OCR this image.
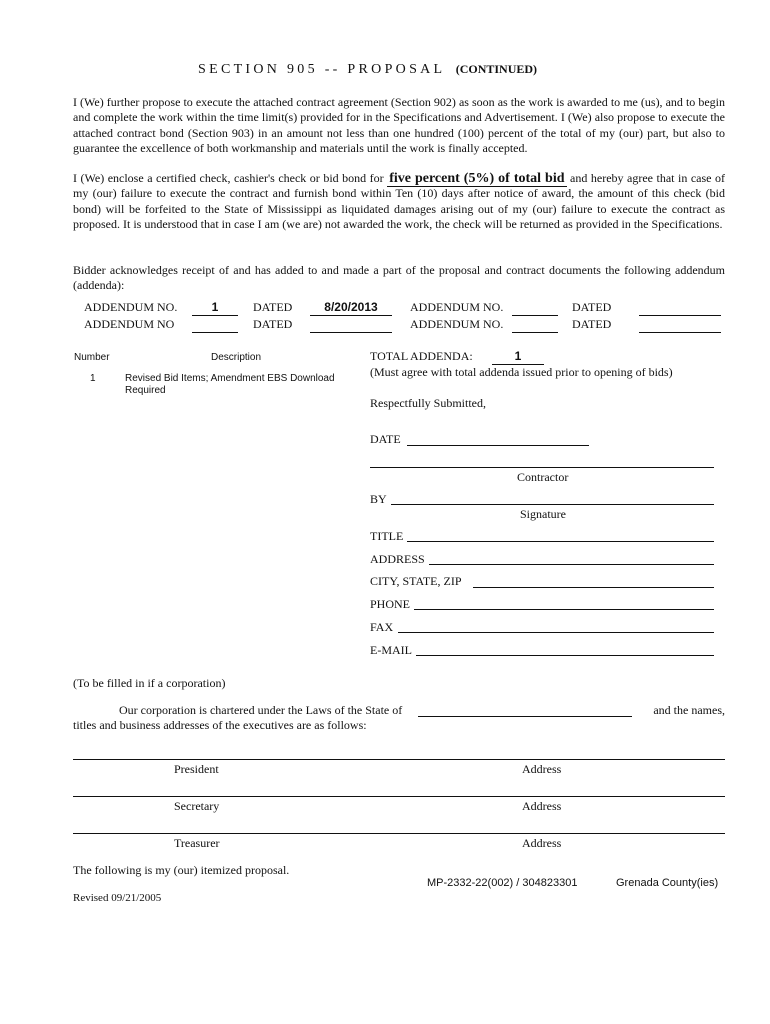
SECTION 905 -- PROPOSAL (CONTINUED)
I (We) further propose to execute the attached contract agreement (Section 902) as soon as the work is awarded to me (us), and to begin and complete the work within the time limit(s) provided for in the Specifications and Advertisement. I (We) also propose to execute the attached contract bond (Section 903) in an amount not less than one hundred (100) percent of the total of my (our) part, but also to guarantee the excellence of both workmanship and materials until the work is finally accepted.
I (We) enclose a certified check, cashier's check or bid bond for five percent (5%) of total bid and hereby agree that in case of my (our) failure to execute the contract and furnish bond within Ten (10) days after notice of award, the amount of this check (bid bond) will be forfeited to the State of Mississippi as liquidated damages arising out of my (our) failure to execute the contract as proposed. It is understood that in case I am (we are) not awarded the work, the check will be returned as provided in the Specifications.
Bidder acknowledges receipt of and has added to and made a part of the proposal and contract documents the following addendum (addenda):
ADDENDUM NO.	1	DATED	8/20/2013	ADDENDUM NO.	DATED
ADDENDUM NO	DATED	ADDENDUM NO.	DATED
Number	Description
1	Revised Bid Items; Amendment EBS Download
Required
TOTAL ADDENDA:	1
(Must agree with total addenda issued prior to opening of bids)
Respectfully Submitted,
DATE
Contractor
BY
Signature
TITLE
ADDRESS
CITY, STATE, ZIP
PHONE
FAX
E-MAIL
(To be filled in if a corporation)
Our corporation is chartered under the Laws of the State of	and the names,
titles and business addresses of the executives are as follows:
President	Address
Secretary	Address
Treasurer	Address
The following is my (our) itemized proposal.
MP-2332-22(002) / 304823301	Grenada County(ies)
Revised 09/21/2005
